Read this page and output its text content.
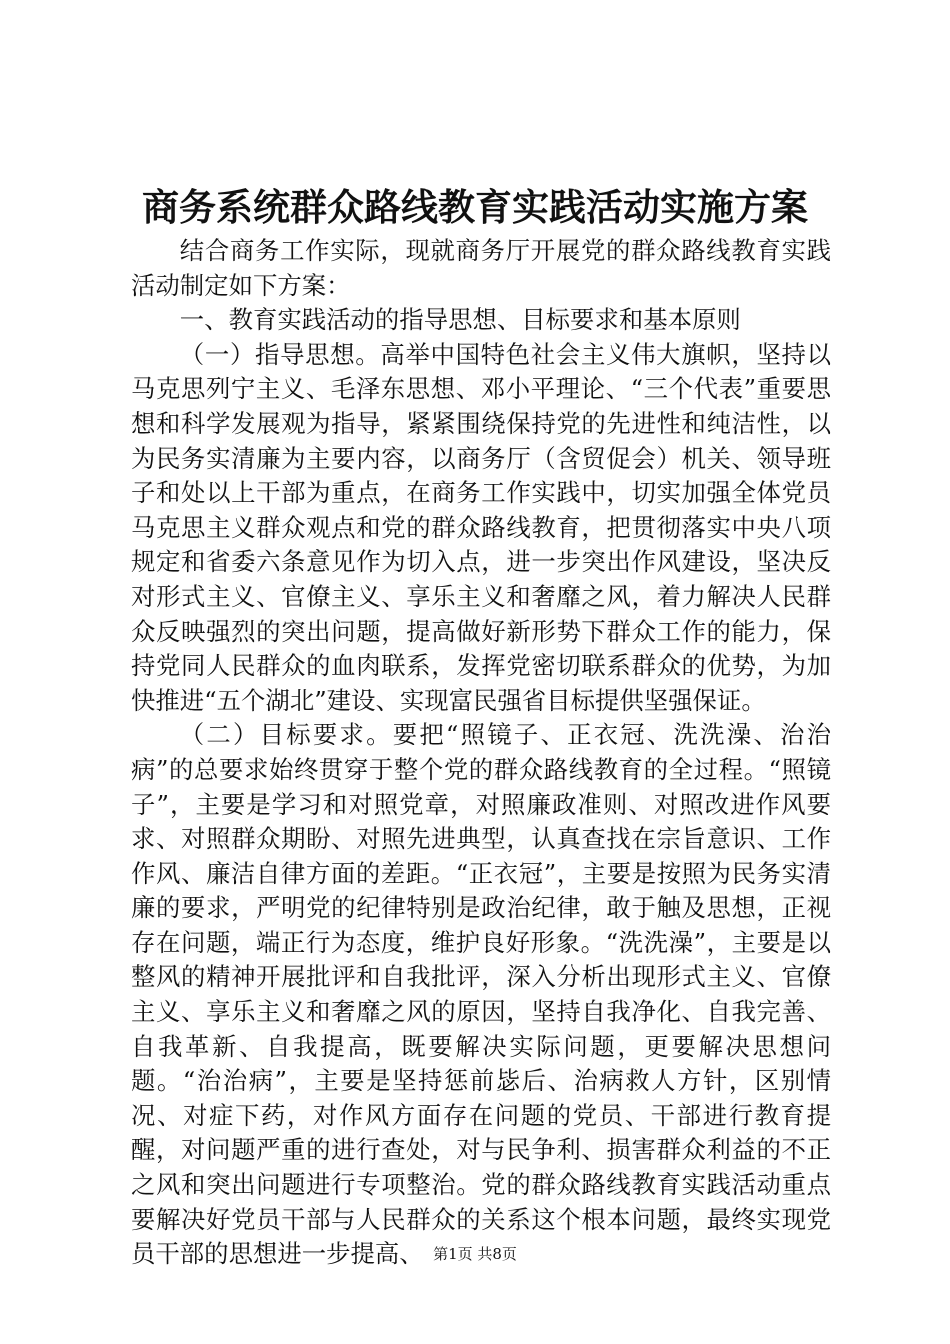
商务系统群众路线教育实践活动实施方案

结合商务工作实际，现就商务厅开展党的群众路线教育实践活动制定如下方案：

一、教育实践活动的指导思想、目标要求和基本原则

（一）指导思想。高举中国特色社会主义伟大旗帜，坚持以马克思列宁主义、毛泽东思想、邓小平理论、“三个代表”重要思想和科学发展观为指导，紧紧围绕保持党的先进性和纯洁性，以为民务实清廉为主要内容，以商务厅（含贸促会）机关、领导班子和处以上干部为重点，在商务工作实践中，切实加强全体党员马克思主义群众观点和党的群众路线教育，把贯彻落实中央八项规定和省委六条意见作为切入点，进一步突出作风建设，坚决反对形式主义、官僚主义、享乐主义和奢靡之风，着力解决人民群众反映强烈的突出问题，提高做好新形势下群众工作的能力，保持党同人民群众的血肉联系，发挥党密切联系群众的优势，为加快推进“五个湖北”建设、实现富民强省目标提供坚强保证。

（二）目标要求。要把“照镜子、正衣冠、洗洗澡、治治病”的总要求始终贯穿于整个党的群众路线教育的全过程。“照镜子”，主要是学习和对照党章，对照廉政准则、对照改进作风要求、对照群众期盼、对照先进典型，认真查找在宗旨意识、工作作风、廉洁自律方面的差距。“正衣冠”，主要是按照为民务实清廉的要求，严明党的纪律特别是政治纪律，敢于触及思想，正视存在问题，端正行为态度，维护良好形象。“洗洗澡”，主要是以整风的精神开展批评和自我批评，深入分析出现形式主义、官僚主义、享乐主义和奢靡之风的原因，坚持自我净化、自我完善、自我革新、自我提高，既要解决实际问题，更要解决思想问题。“治治病”，主要是坚持惩前毖后、治病救人方针，区别情况、对症下药，对作风方面存在问题的党员、干部进行教育提醒，对问题严重的进行查处，对与民争利、损害群众利益的不正之风和突出问题进行专项整治。党的群众路线教育实践活动重点要解决好党员干部与人民群众的关系这个根本问题，最终实现党员干部的思想进一步提高、 第1页 共8页
